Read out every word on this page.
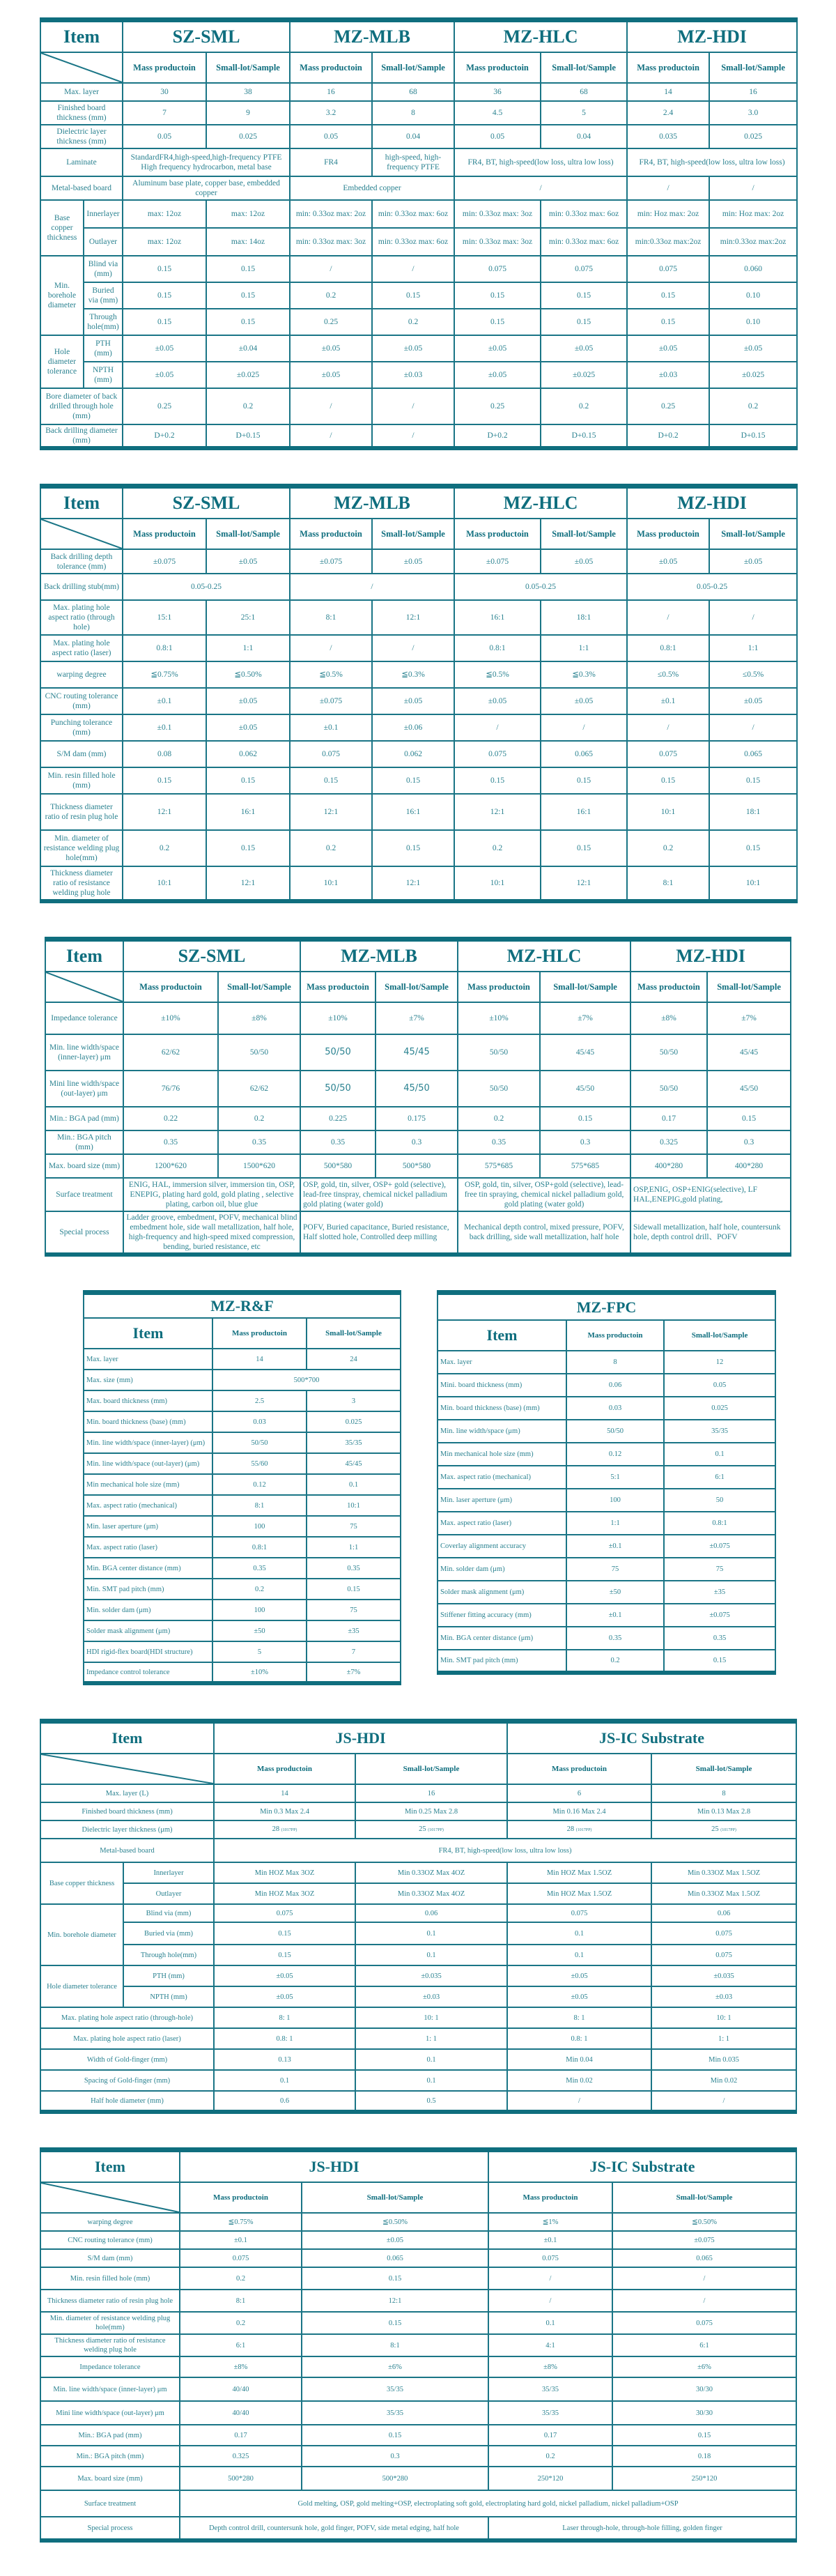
Item		SZ-SML		MZ-MLB		MZ-HLC		MZ-HDI	

	Mass productoin	Small-lot/Sample	Mass productoin	Small-lot/Sample	Mass productoin	Small-lot/Sample	Mass productoin	Small-lot/Sample
Max. layer		30	38	16	68	36	68	14	16
Finished board thickness (mm)		7	9	3.2	8	4.5	5	2.4	3.0
Dielectric layer thickness (mm)		0.05	0.025	0.05	0.04	0.05	0.04	0.035	0.025
Laminate		StandardFR4,high-speed,high-frequency PTFE High frequency hydrocarbon, metal base		FR4	high-speed, high-frequency PTFE	FR4, BT, high-speed(low loss, ultra low loss)		FR4, BT, high-speed(low loss, ultra low loss)	
Metal-based board		Aluminum base plate, copper base, embedded copper		Embedded copper		/		/	/
Base copper thickness	Innerlayer	max: 12oz	max: 12oz	min: 0.33oz max: 2oz	min: 0.33oz max: 6oz	min: 0.33oz max: 3oz	min: 0.33oz max: 6oz	min: Hoz max: 2oz	min: Hoz max: 2oz
	Outlayer	max: 12oz	max: 14oz	min: 0.33oz max: 3oz	min: 0.33oz max: 6oz	min: 0.33oz max: 3oz	min: 0.33oz max: 6oz	min:0.33oz max:2oz	min:0.33oz max:2oz
Min. borehole diameter	Blind via (mm)	0.15	0.15	/	/	0.075	0.075	0.075	0.060
	Buried via (mm)	0.15	0.15	0.2	0.15	0.15	0.15	0.15	0.10
	Through hole(mm)	0.15	0.15	0.25	0.2	0.15	0.15	0.15	0.10
Hole diameter tolerance	PTH (mm)	±0.05	±0.04	±0.05	±0.05	±0.05	±0.05	±0.05	±0.05
	NPTH (mm)	±0.05	±0.025	±0.05	±0.03	±0.05	±0.025	±0.03	±0.025
Bore diameter of back drilled through hole (mm)		0.25	0.2	/	/	0.25	0.2	0.25	0.2
Back drilling diameter (mm)		D+0.2	D+0.15	/	/	D+0.2	D+0.15	D+0.2	D+0.15
Item	SZ-SML		MZ-MLB		MZ-HLC		MZ-HDI	

	Mass productoin	Small-lot/Sample	Mass productoin	Small-lot/Sample	Mass productoin	Small-lot/Sample	Mass productoin	Small-lot/Sample
Back drilling depth tolerance (mm)	±0.075	±0.05	±0.075	±0.05	±0.075	±0.05	±0.05	±0.05
Back drilling stub(mm)	0.05-0.25		/		0.05-0.25		0.05-0.25	
Max. plating hole aspect ratio (through hole)	15:1	25:1	8:1	12:1	16:1	18:1	/	/
Max. plating hole aspect ratio (laser)	0.8:1	1:1	/	/	0.8:1	1:1	0.8:1	1:1
warping degree	≦0.75%	≦0.50%	≦0.5%	≦0.3%	≦0.5%	≦0.3%	≤0.5%	≤0.5%
CNC routing tolerance (mm)	±0.1	±0.05	±0.075	±0.05	±0.05	±0.05	±0.1	±0.05
Punching tolerance (mm)	±0.1	±0.05	±0.1	±0.06	/	/	/	/
S/M dam (mm)	0.08	0.062	0.075	0.062	0.075	0.065	0.075	0.065
Min. resin filled hole (mm)	0.15	0.15	0.15	0.15	0.15	0.15	0.15	0.15
Thickness diameter ratio of resin plug hole	12:1	16:1	12:1	16:1	12:1	16:1	10:1	18:1
Min. diameter of resistance welding plug hole(mm)	0.2	0.15	0.2	0.15	0.2	0.15	0.2	0.15
Thickness diameter ratio of resistance welding plug hole	10:1	12:1	10:1	12:1	10:1	12:1	8:1	10:1
Item	SZ-SML		MZ-MLB		MZ-HLC		MZ-HDI	

	Mass productoin	Small-lot/Sample	Mass productoin	Small-lot/Sample	Mass productoin	Small-lot/Sample	Mass productoin	Small-lot/Sample
Impedance tolerance	±10%	±8%	±10%	±7%	±10%	±7%	±8%	±7%
Min. line width/space (inner-layer) μm	62/62	50/50	50/50	45/45	50/50	45/45	50/50	45/45
Mini line width/space (out-layer) μm	76/76	62/62	50/50	45/50	50/50	45/50	50/50	45/50
Min.: BGA pad (mm)	0.22	0.2	0.225	0.175	0.2	0.15	0.17	0.15
Min.: BGA pitch (mm)	0.35	0.35	0.35	0.3	0.35	0.3	0.325	0.3
Max. board size (mm)	1200*620	1500*620	500*580	500*580	575*685	575*685	400*280	400*280
Surface treatment	ENIG, HAL, immersion silver, immersion tin, OSP, ENEPIG, plating hard gold, gold plating , selective plating, carbon oil, blue glue		OSP, gold, tin, silver, OSP+ gold (selective), lead-free tinspray, chemical nickel palladium gold plating (water gold)		OSP, gold, tin, silver, OSP+gold (selective), lead-free tin spraying, chemical nickel palladium gold, gold plating (water gold)		OSP,ENIG, OSP+ENIG(selective), LF HAL,ENEPIG,gold plating,	
Special process	Ladder groove, embedment, POFV, mechanical blind embedment hole, side wall metallization, half hole, high-frequency and high-speed mixed compression, bending, buried resistance, etc		POFV, Buried capacitance, Buried resistance, Half slotted hole, Controlled deep milling		Mechanical depth control, mixed pressure, POFV, back drilling, side wall metallization, half hole		Sidewall metallization, half hole, countersunk hole, depth control drill、POFV	
MZ-R&F		
Item	Mass productoin	Small-lot/Sample
Max. layer	14	24
Max. size (mm)	500*700	
Max. board thickness (mm)	2.5	3
Min. board thickness (base) (mm)	0.03	0.025
Min. line width/space (inner-layer) (μm)	50/50	35/35
Min. line width/space (out-layer) (μm)	55/60	45/45
Min mechanical hole size (mm)	0.12	0.1
Max. aspect ratio (mechanical)	8:1	10:1
Min. laser aperture (μm)	100	75
Max. aspect ratio (laser)	0.8:1	1:1
Min. BGA center distance (mm)	0.35	0.35
Min. SMT pad pitch (mm)	0.2	0.15
Min. solder dam (μm)	100	75
Solder mask alignment (μm)	±50	±35
HDI rigid-flex board(HDI structure)	5	7
Impedance control tolerance	±10%	±7%
MZ-FPC		
Item	Mass productoin	Small-lot/Sample
Max. layer	8	12
Mini. board thickness (mm)	0.06	0.05
Min. board thickness (base) (mm)	0.03	0.025
Min. line width/space (μm)	50/50	35/35
Min mechanical hole size (mm)	0.12	0.1
Max. aspect ratio (mechanical)	5:1	6:1
Min. laser aperture (μm)	100	50
Max. aspect ratio (laser)	1:1	0.8:1
Coverlay alignment accuracy	±0.1	±0.075
Min. solder dam (μm)	75	75
Solder mask alignment (μm)	±50	±35
Stiffener fitting accuracy (mm)	±0.1	±0.075
Min. BGA center distance (μm)	0.35	0.35
Min. SMT pad pitch (mm)	0.2	0.15
Item		JS-HDI		JS-IC Substrate	

	Mass productoin	Small-lot/Sample	Mass productoin	Small-lot/Sample
Max. layer (L)		14	16	6	8
Finished board thickness (mm)		Min 0.3 Max 2.4	Min 0.25 Max 2.8	Min 0.16 Max 2.4	Min 0.13 Max 2.8
Dielectric layer thickness (μm)		28 (1017PP)	25 (1017PP)	28 (1017PP)	25 (1017PP)
Metal-based board		FR4, BT, high-speed(low loss, ultra low loss)			
Base copper thickness	Innerlayer	Min HOZ Max 3OZ	Min 0.33OZ Max 4OZ	Min HOZ Max 1.5OZ	Min 0.33OZ Max 1.5OZ
	Outlayer	Min HOZ Max 3OZ	Min 0.33OZ Max 4OZ	Min HOZ Max 1.5OZ	Min 0.33OZ Max 1.5OZ
Min. borehole diameter	Blind via (mm)	0.075	0.06	0.075	0.06
	Buried via (mm)	0.15	0.1	0.1	0.075
	Through hole(mm)	0.15	0.1	0.1	0.075
Hole diameter tolerance	PTH (mm)	±0.05	±0.035	±0.05	±0.035
	NPTH (mm)	±0.05	±0.03	±0.05	±0.03
Max. plating hole aspect ratio (through-hole)		8: 1	10: 1	8: 1	10: 1
Max. plating hole aspect ratio (laser)		0.8: 1	1: 1	0.8: 1	1: 1
Width of Gold-finger (mm)		0.13	0.1	Min 0.04	Min 0.035
Spacing of Gold-finger (mm)		0.1	0.1	Min 0.02	Min 0.02
Half hole diameter (mm)		0.6	0.5	/	/
Item	JS-HDI		JS-IC Substrate	

	Mass productoin	Small-lot/Sample	Mass productoin	Small-lot/Sample
warping degree	≦0.75%	≦0.50%	≦1%	≦0.50%
CNC routing tolerance (mm)	±0.1	±0.05	±0.1	±0.075
S/M dam (mm)	0.075	0.065	0.075	0.065
Min. resin filled hole (mm)	0.2	0.15	/	/
Thickness diameter ratio of resin plug hole	8:1	12:1	/	/
Min. diameter of resistance welding plug hole(mm)	0.2	0.15	0.1	0.075
Thickness diameter ratio of resistance welding plug hole	6:1	8:1	4:1	6:1
Impedance tolerance	±8%	±6%	±8%	±6%
Min. line width/space (inner-layer) μm	40/40	35/35	35/35	30/30
Mini line width/space (out-layer) μm	40/40	35/35	35/35	30/30
Min.: BGA pad (mm)	0.17	0.15	0.17	0.15
Min.: BGA pitch (mm)	0.325	0.3	0.2	0.18
Max. board size (mm)	500*280	500*280	250*120	250*120
Surface treatment	Gold melting, OSP, gold melting+OSP, electroplating soft gold, electroplating hard gold, nickel palladium, nickel palladium+OSP			
Special process	Depth control drill, countersunk hole, gold finger, POFV, side metal edging, half hole		Laser through-hole, through-hole filling, golden finger	
